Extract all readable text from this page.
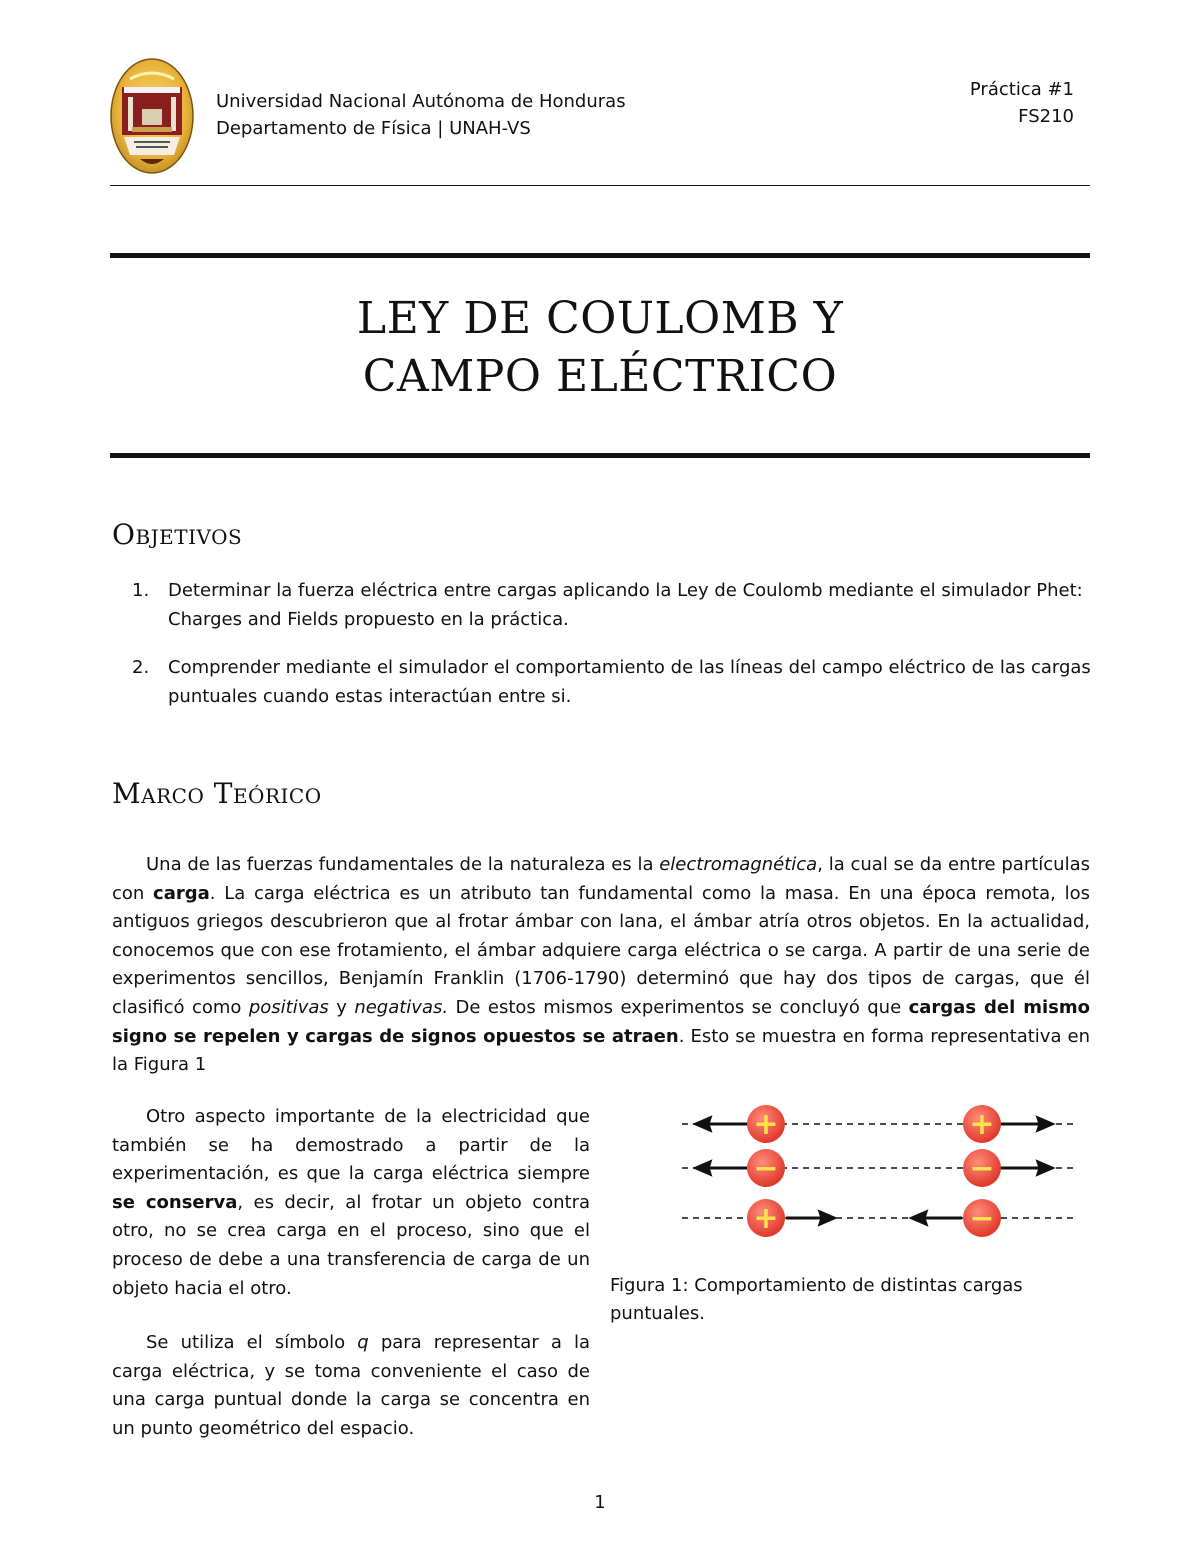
Universidad Nacional Autónoma de Honduras
Departamento de Física | UNAH-VS
Práctica #1
FS210
LEY DE COULOMB Y
CAMPO ELÉCTRICO
Objetivos
1. Determinar la fuerza eléctrica entre cargas aplicando la Ley de Coulomb mediante el simulador Phet: Charges and Fields propuesto en la práctica.
2. Comprender mediante el simulador el comportamiento de las líneas del campo eléctrico de las cargas puntuales cuando estas interactúan entre si.
Marco Teórico

Una de las fuerzas fundamentales de la naturaleza es la electromagnética, la cual se da entre partículas con carga. La carga eléctrica es un atributo tan fundamental como la masa. En una época remota, los antiguos griegos descubrieron que al frotar ámbar con lana, el ámbar atría otros objetos. En la actualidad, conocemos que con ese frotamiento, el ámbar adquiere carga eléctrica o se carga. A partir de una serie de experimentos sencillos, Benjamín Franklin (1706-1790) determinó que hay dos tipos de cargas, que él clasificó como positivas y negativas. De estos mismos experimentos se concluyó que cargas del mismo signo se repelen y cargas de signos opuestos se atraen. Esto se muestra en forma representativa en la Figura 1

Otro aspecto importante de la electricidad que también se ha demostrado a partir de la experimentación, es que la carga eléctrica siempre se conserva, es decir, al frotar un objeto contra otro, no se crea carga en el proceso, sino que el proceso de debe a una transferencia de carga de un objeto hacia el otro.

Se utiliza el símbolo q para representar a la carga eléctrica, y se toma conveniente el caso de una carga puntual donde la carga se concentra en un punto geométrico del espacio.

+	+
−	−
+	−
Figura 1: Comportamiento de distintas cargas puntuales.
1
